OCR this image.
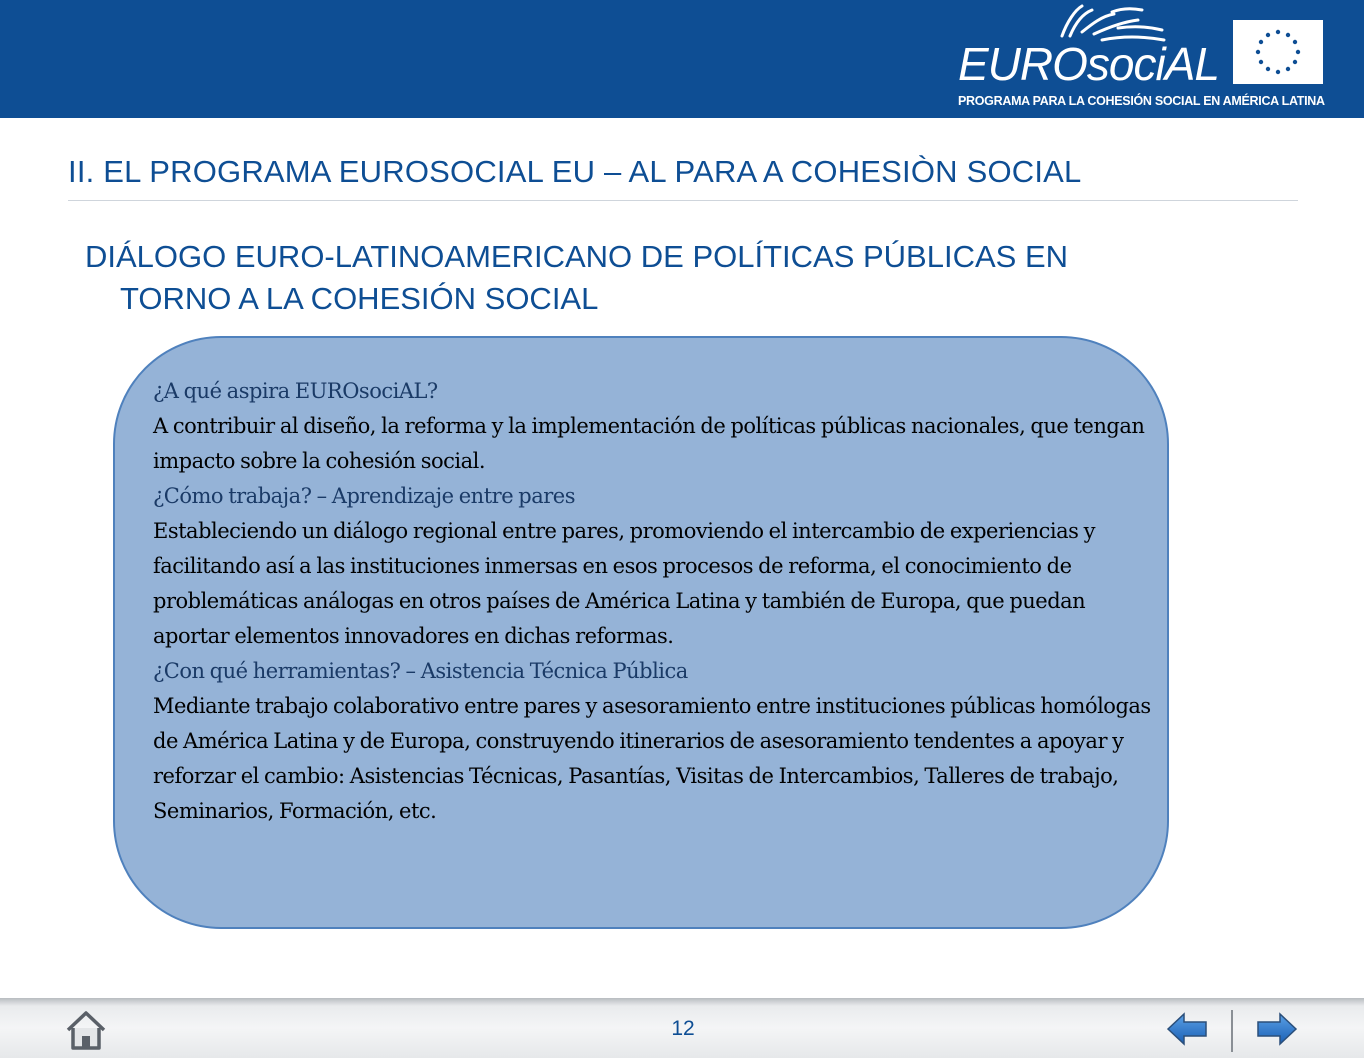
EUROsociAL
PROGRAMA PARA LA COHESIÓN SOCIAL EN AMÉRICA LATINA
II. EL PROGRAMA EUROSOCIAL EU – AL PARA A COHESIÒN SOCIAL
DIÁLOGO EURO-LATINOAMERICANO DE POLÍTICAS PÚBLICAS EN
TORNO A LA COHESIÓN SOCIAL

¿A qué aspira EUROsociAL?

A contribuir al diseño, la reforma y la implementación de políticas públicas nacionales, que tengan impacto sobre la cohesión social.

¿Cómo trabaja? – Aprendizaje entre pares

Estableciendo un diálogo regional entre pares, promoviendo el intercambio de experiencias y facilitando así a las instituciones inmersas en esos procesos de reforma, el conocimiento de problemáticas análogas en otros países de América Latina y también de Europa, que puedan aportar elementos innovadores en dichas reformas.

¿Con qué herramientas? – Asistencia Técnica Pública

Mediante trabajo colaborativo entre pares y asesoramiento entre instituciones públicas homólogas de América Latina y de Europa, construyendo itinerarios de asesoramiento tendentes a apoyar y reforzar el cambio: Asistencias Técnicas, Pasantías, Visitas de Intercambios, Talleres de trabajo, Seminarios, Formación, etc.

12
